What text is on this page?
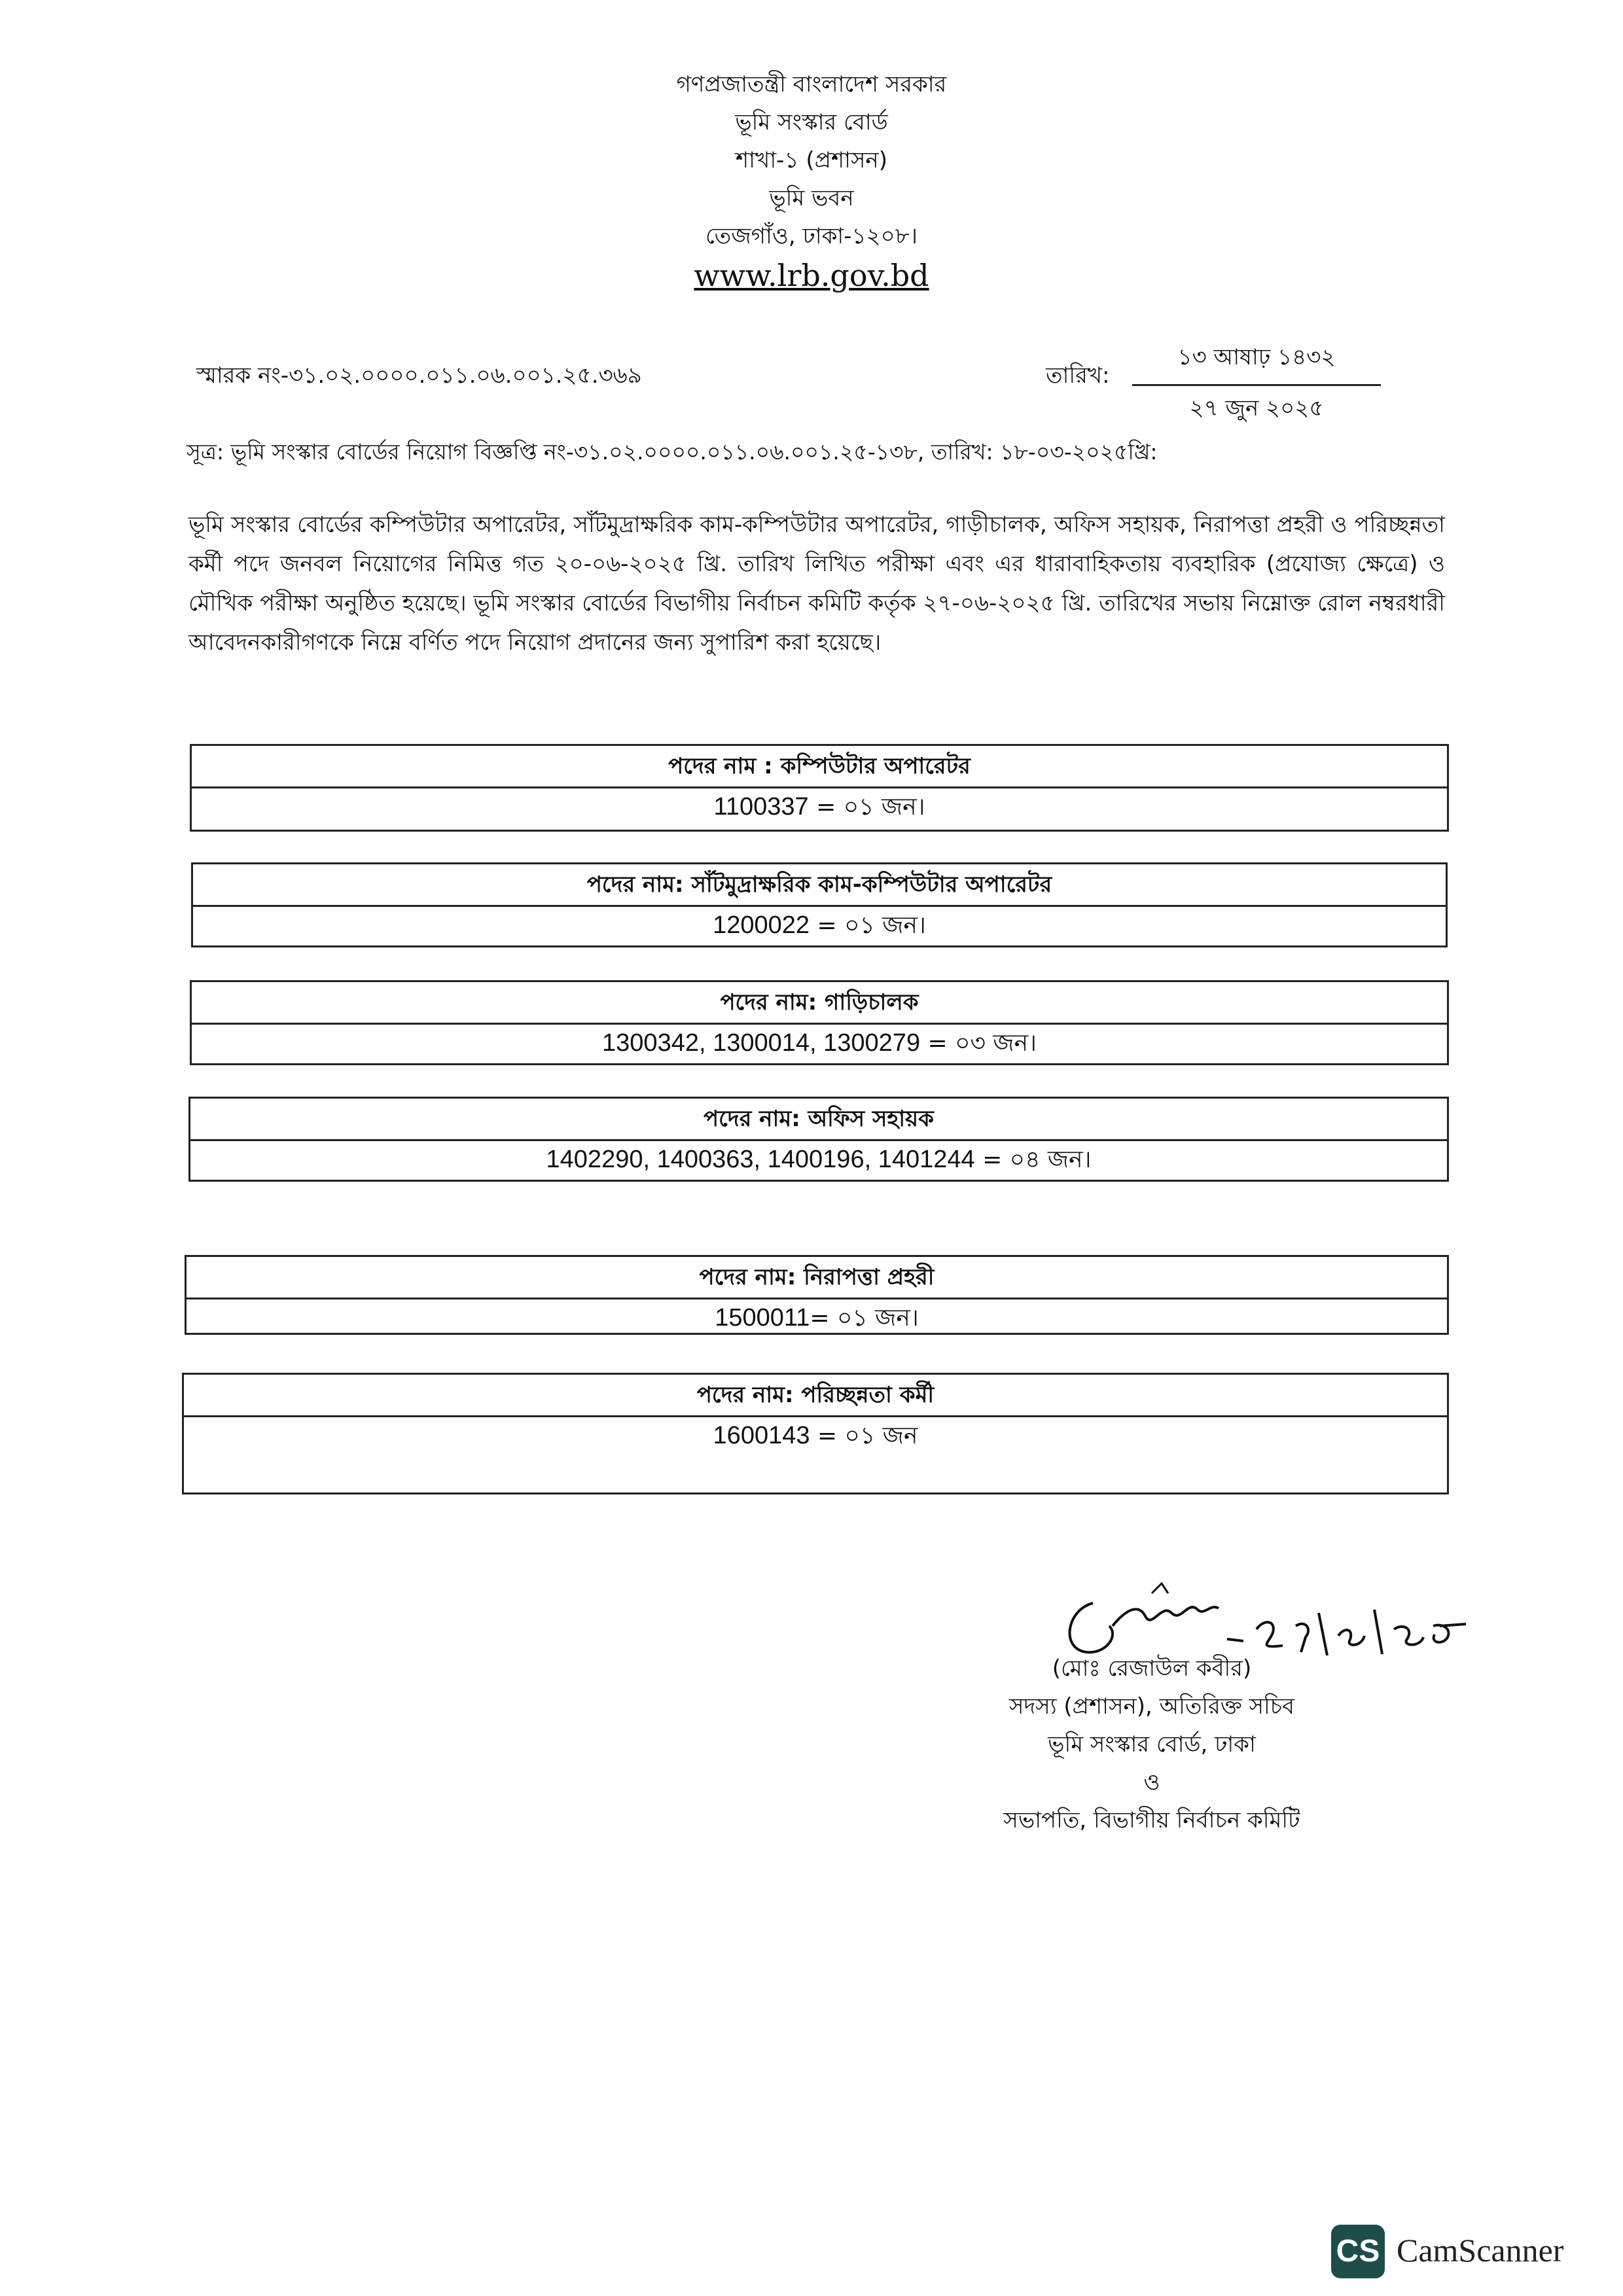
গণপ্রজাতন্ত্রী বাংলাদেশ সরকার
ভূমি সংস্কার বোর্ড
শাখা-১ (প্রশাসন)
ভূমি ভবন
তেজগাঁও, ঢাকা-১২০৮।
www.lrb.gov.bd
স্মারক নং-৩১.০২.০০০০.০১১.০৬.০০১.২৫.৩৬৯	তারিখ:
১৩ আষাঢ় ১৪৩২
২৭ জুন ২০২৫
সূত্র: ভূমি সংস্কার বোর্ডের নিয়োগ বিজ্ঞপ্তি নং-৩১.০২.০০০০.০১১.০৬.০০১.২৫-১৩৮, তারিখ: ১৮-০৩-২০২৫খ্রি:
ভূমি সংস্কার বোর্ডের কম্পিউটার অপারেটর, সাঁটমুদ্রাক্ষরিক কাম-কম্পিউটার অপারেটর, গাড়ীচালক, অফিস সহায়ক, নিরাপত্তা প্রহরী ও পরিচ্ছন্নতা কর্মী পদে জনবল নিয়োগের নিমিত্ত গত ২০-০৬-২০২৫ খ্রি. তারিখ লিখিত পরীক্ষা এবং এর ধারাবাহিকতায় ব্যবহারিক (প্রযোজ্য ক্ষেত্রে) ও মৌখিক পরীক্ষা অনুষ্ঠিত হয়েছে। ভূমি সংস্কার বোর্ডের বিভাগীয় নির্বাচন কমিটি কর্তৃক ২৭-০৬-২০২৫ খ্রি. তারিখের সভায় নিম্নোক্ত রোল নম্বরধারী আবেদনকারীগণকে নিম্নে বর্ণিত পদে নিয়োগ প্রদানের জন্য সুপারিশ করা হয়েছে।
পদের নাম : কম্পিউটার অপারেটর
1100337 = ০১ জন।
পদের নাম: সাঁটমুদ্রাক্ষরিক কাম-কম্পিউটার অপারেটর
1200022 = ০১ জন।
পদের নাম: গাড়িচালক
1300342, 1300014, 1300279 = ০৩ জন।
পদের নাম: অফিস সহায়ক
1402290, 1400363, 1400196, 1401244 = ০৪ জন।
পদের নাম: নিরাপত্তা প্রহরী
1500011= ০১ জন।
পদের নাম: পরিচ্ছন্নতা কর্মী
1600143 = ০১ জন
(মোঃ রেজাউল কবীর)
সদস্য (প্রশাসন), অতিরিক্ত সচিব
ভূমি সংস্কার বোর্ড, ঢাকা
ও
সভাপতি, বিভাগীয় নির্বাচন কমিটি
CS CamScanner
